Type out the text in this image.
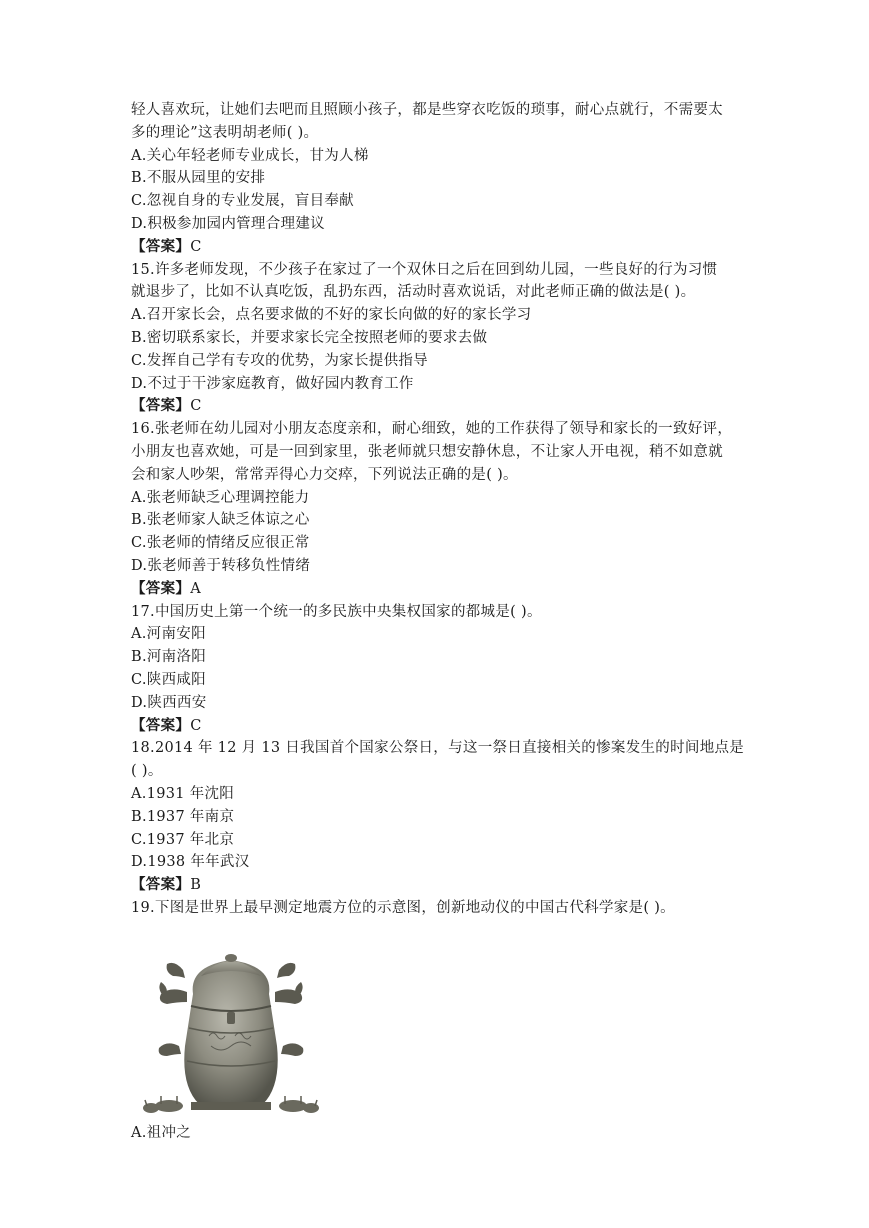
轻人喜欢玩，让她们去吧而且照顾小孩子，都是些穿衣吃饭的琐事，耐心点就行，不需要太
多的理论”这表明胡老师( )。
A.关心年轻老师专业成长，甘为人梯
B.不服从园里的安排
C.忽视自身的专业发展，盲目奉献
D.积极参加园内管理合理建议
【答案】C
15.许多老师发现，不少孩子在家过了一个双休日之后在回到幼儿园，一些良好的行为习惯
就退步了，比如不认真吃饭，乱扔东西，活动时喜欢说话，对此老师正确的做法是( )。
A.召开家长会，点名要求做的不好的家长向做的好的家长学习
B.密切联系家长，并要求家长完全按照老师的要求去做
C.发挥自己学有专攻的优势，为家长提供指导
D.不过于干涉家庭教育，做好园内教育工作
【答案】C
16.张老师在幼儿园对小朋友态度亲和，耐心细致，她的工作获得了领导和家长的一致好评，
小朋友也喜欢她，可是一回到家里，张老师就只想安静休息，不让家人开电视，稍不如意就
会和家人吵架，常常弄得心力交瘁，下列说法正确的是( )。
A.张老师缺乏心理调控能力
B.张老师家人缺乏体谅之心
C.张老师的情绪反应很正常
D.张老师善于转移负性情绪
【答案】A
17.中国历史上第一个统一的多民族中央集权国家的都城是( )。
A.河南安阳
B.河南洛阳
C.陕西咸阳
D.陕西西安
【答案】C
18.2014 年 12 月 13 日我国首个国家公祭日，与这一祭日直接相关的惨案发生的时间地点是
( )。
A.1931 年沈阳
B.1937 年南京
C.1937 年北京
D.1938 年年武汉
【答案】B
19.下图是世界上最早测定地震方位的示意图，创新地动仪的中国古代科学家是( )。
A.祖冲之
